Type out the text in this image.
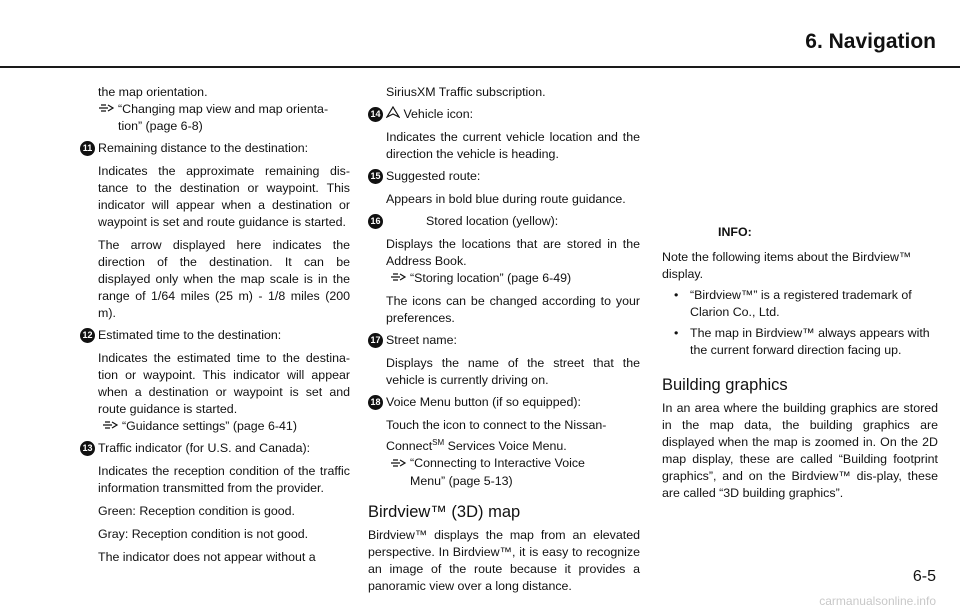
6. Navigation

the map orientation.

“Changing map view and map orienta-

tion” (page 6-8)

11 Remaining distance to the destination:

Indicates the approximate remaining dis-tance to the destination or waypoint. This indicator will appear when a destination or waypoint is set and route guidance is started.

The arrow displayed here indicates the direction of the destination. It can be displayed only when the map scale is in the range of 1/64 miles (25 m) - 1/8 miles (200 m).

12 Estimated time to the destination:

Indicates the estimated time to the destina-tion or waypoint. This indicator will appear when a destination or waypoint is set and route guidance is started.

“Guidance settings” (page 6-41)

13 Traffic indicator (for U.S. and Canada):

Indicates the reception condition of the traffic information transmitted from the provider.

Green: Reception condition is good.

Gray: Reception condition is not good.

The indicator does not appear without a

SiriusXM Traffic subscription.

14	Vehicle icon:

Indicates the current vehicle location and the direction the vehicle is heading.

15 Suggested route:

Appears in bold blue during route guidance.

16	Stored location (yellow):

Displays the locations that are stored in the Address Book.

“Storing location” (page 6-49)

The icons can be changed according to your preferences.

17 Street name:

Displays the name of the street that the vehicle is currently driving on.

18 Voice Menu button (if so equipped):

Touch the icon to connect to the Nissan-Connect℠ Services Voice Menu.

“Connecting to Interactive Voice

Menu” (page 5-13)

Birdview™ (3D) map

Birdview™ displays the map from an elevated perspective. In Birdview™, it is easy to recognize an image of the route because it provides a panoramic view over a long distance.

INFO:

Note the following items about the Birdview™ display.

• “Birdview™” is a registered trademark of Clarion Co., Ltd.
• The map in Birdview™ always appears with the current forward direction facing up.
Building graphics

In an area where the building graphics are stored in the map data, the building graphics are displayed when the map is zoomed in. On the 2D map display, these are called “Building footprint graphics”, and on the Birdview™ dis-play, these are called “3D building graphics”.

6-5
carmanualsonline.info
